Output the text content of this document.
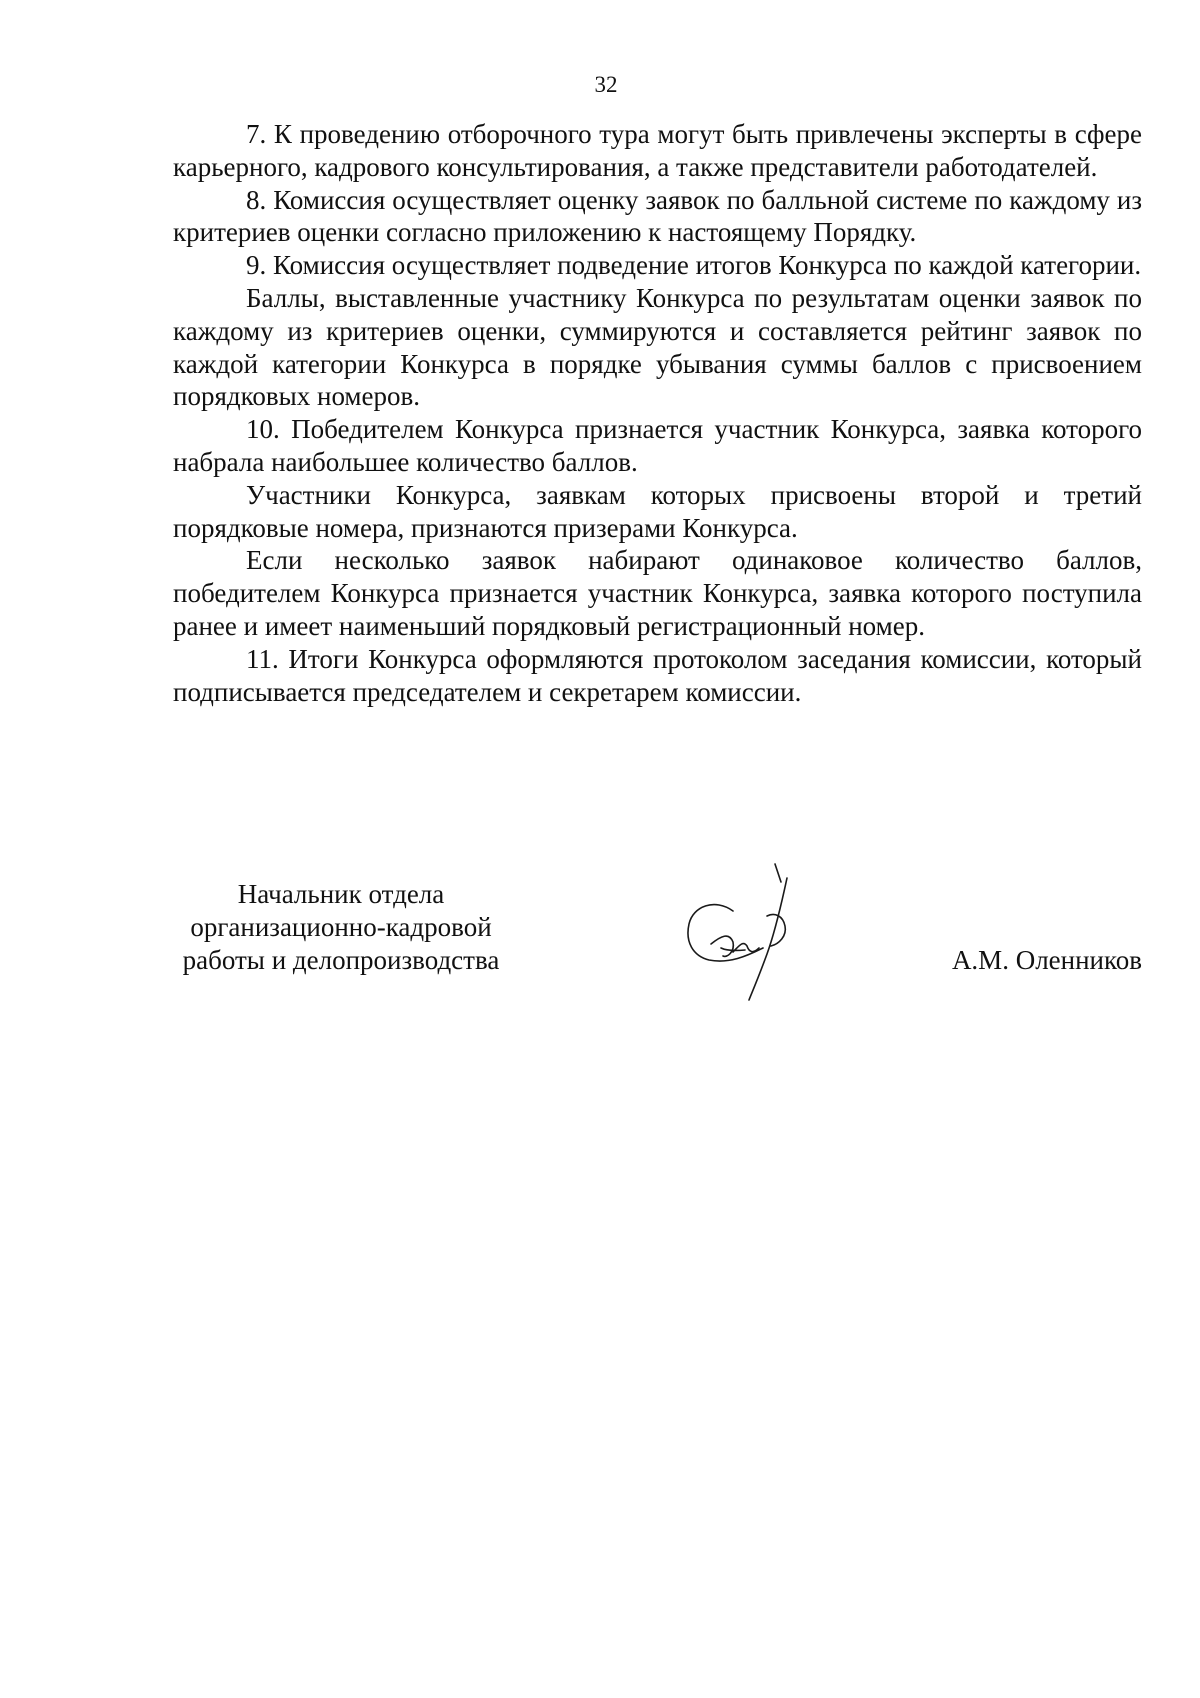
32

7. К проведению отборочного тура могут быть привлечены эксперты в сфере карьерного, кадрового консультирования, а также представители работодателей.

8. Комиссия осуществляет оценку заявок по балльной системе по каждому из критериев оценки согласно приложению к настоящему Порядку.

9. Комиссия осуществляет подведение итогов Конкурса по каждой категории.

Баллы, выставленные участнику Конкурса по результатам оценки заявок по каждому из критериев оценки, суммируются и составляется рейтинг заявок по каждой категории Конкурса в порядке убывания суммы баллов с присвоением порядковых номеров.

10. Победителем Конкурса признается участник Конкурса, заявка которого набрала наибольшее количество баллов.

Участники Конкурса, заявкам которых присвоены второй и третий порядковые номера, признаются призерами Конкурса.

Если несколько заявок набирают одинаковое количество баллов, победителем Конкурса признается участник Конкурса, заявка которого поступила ранее и имеет наименьший порядковый регистрационный номер.

11. Итоги Конкурса оформляются протоколом заседания комиссии, который подписывается председателем и секретарем комиссии.

Начальник отдела
организационно-кадровой
работы и делопроизводства	А.М. Оленников
